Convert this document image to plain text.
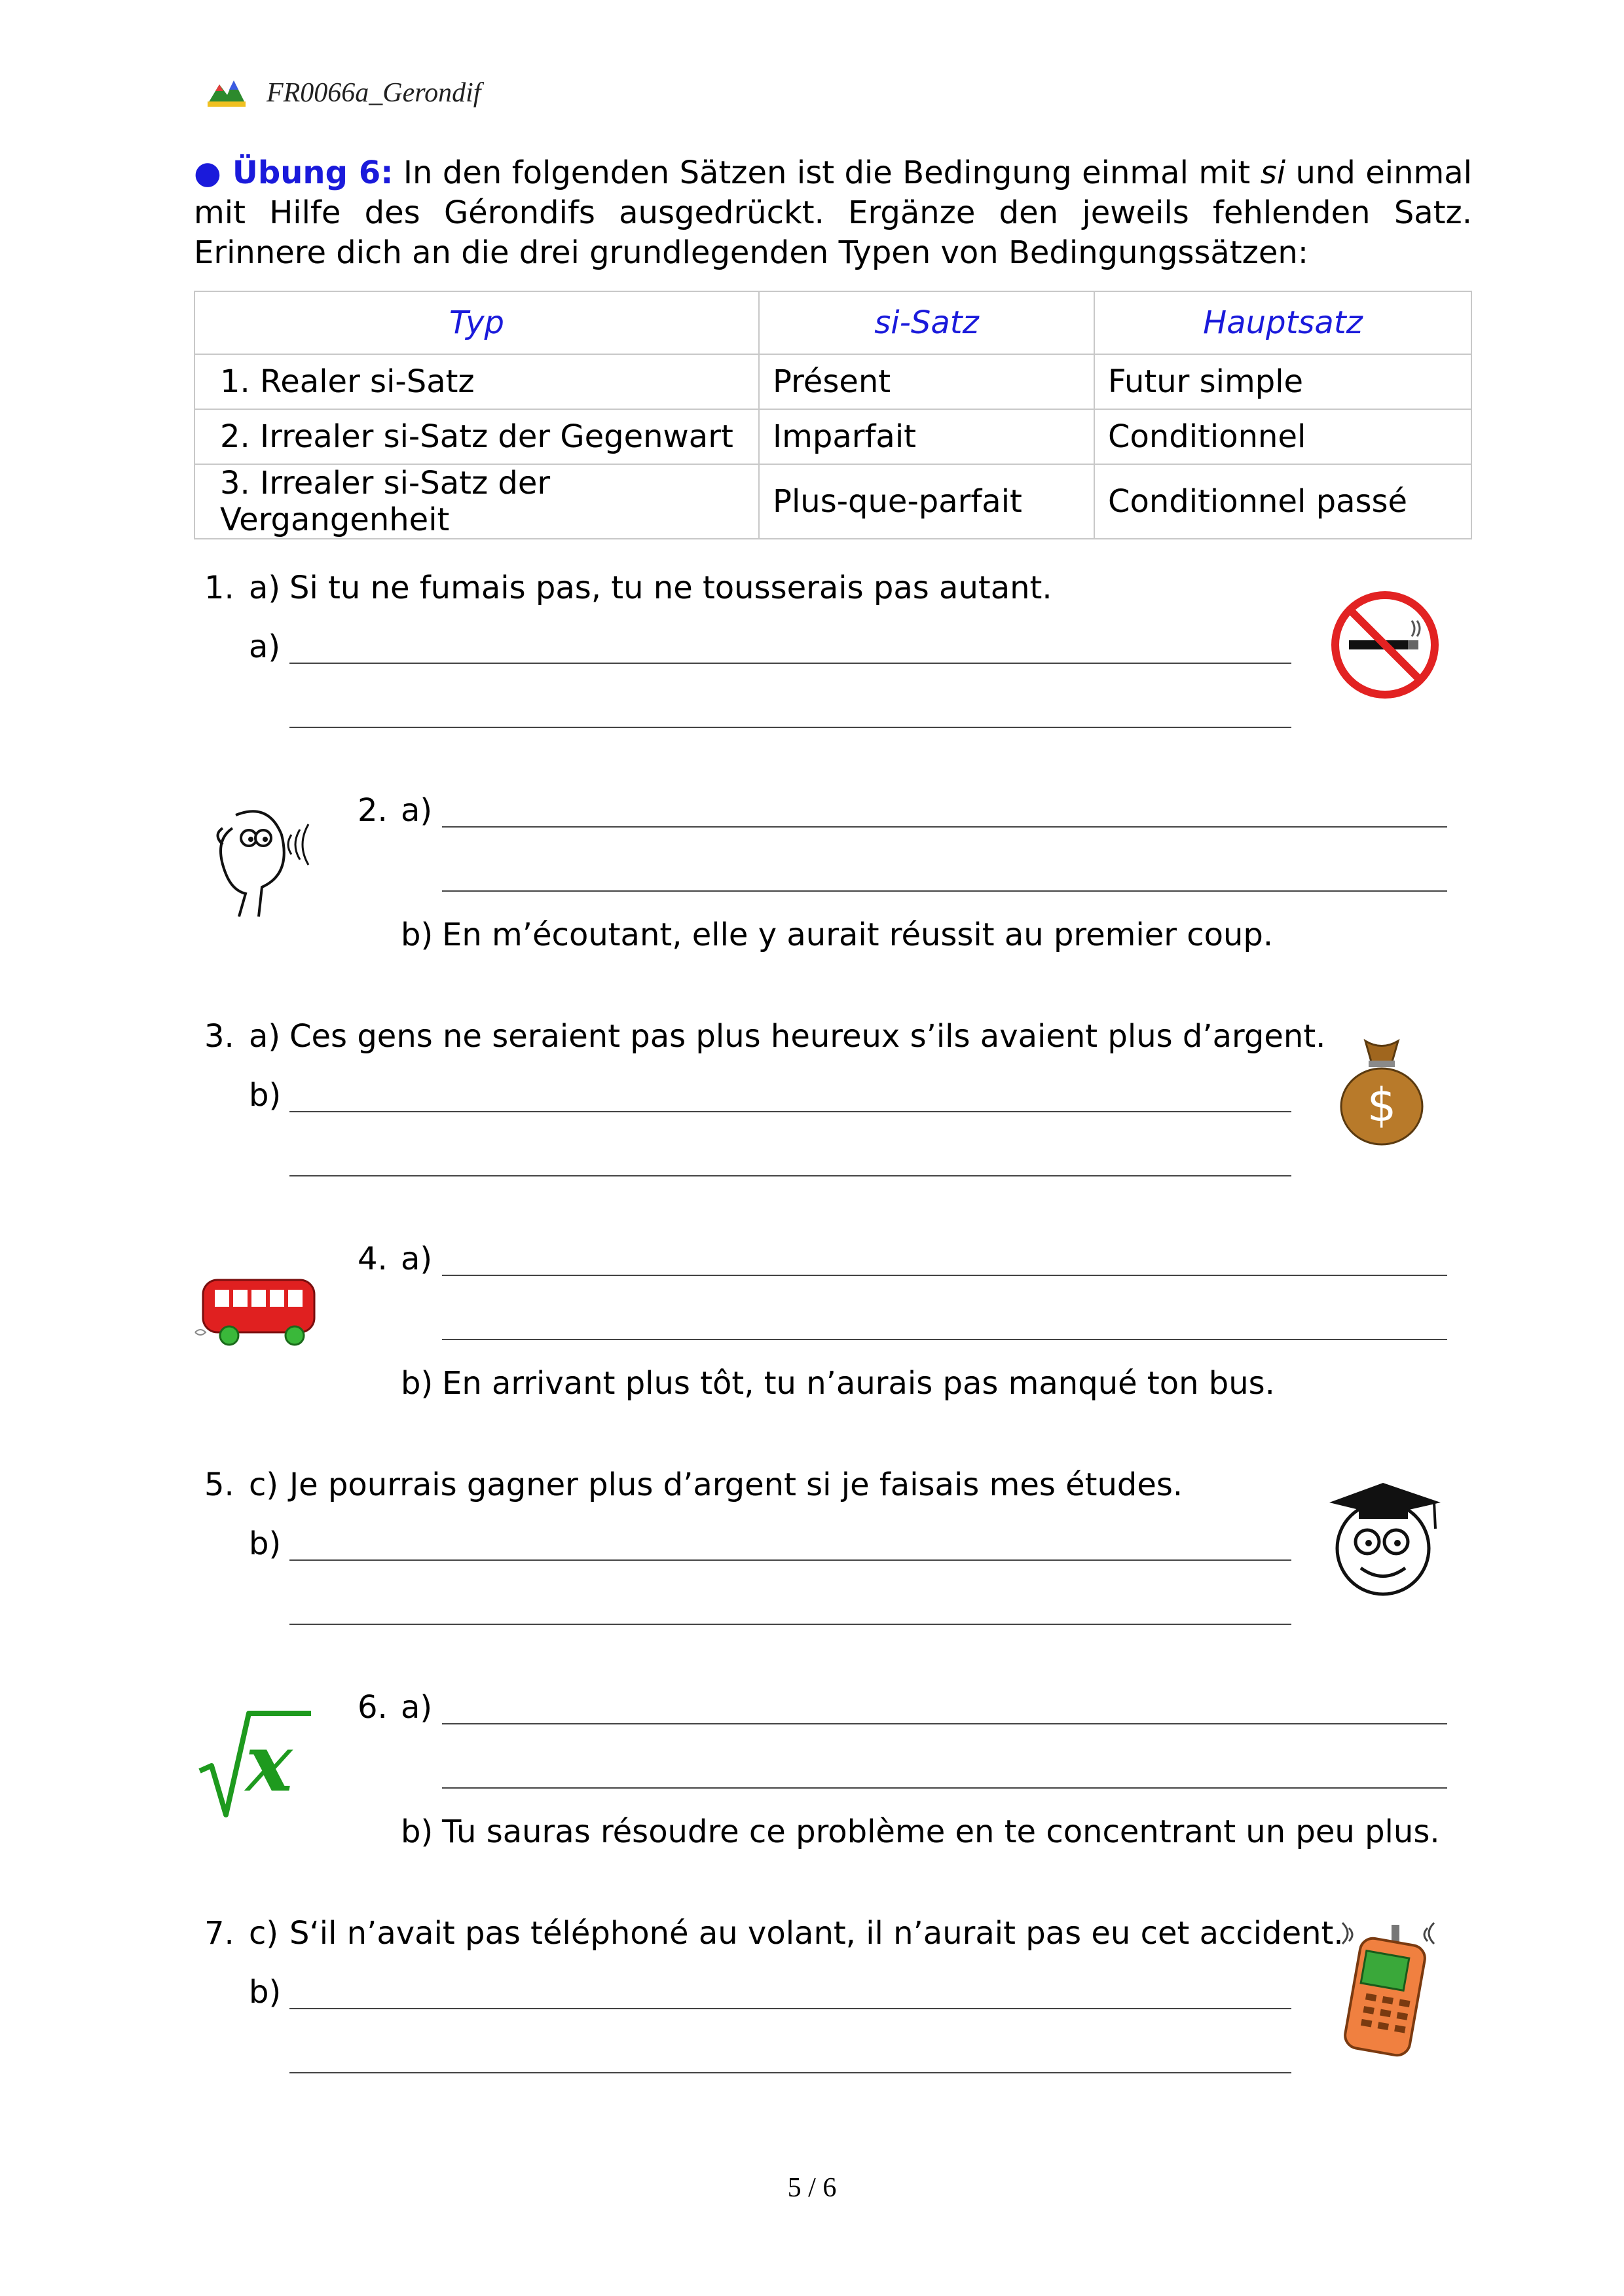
FR0066a_Gerondif
● Übung 6: In den folgenden Sätzen ist die Bedingung einmal mit si und einmal mit Hilfe des Gérondifs ausgedrückt. Ergänze den jeweils fehlenden Satz. Erinnere dich an die drei grundlegenden Typen von Bedingungssätzen:
Typ	si-Satz	Hauptsatz
1. Realer si-Satz	Présent	Futur simple
2. Irrealer si-Satz der Gegenwart	Imparfait	Conditionnel
3. Irrealer si-Satz der Vergangenheit	Plus-que-parfait	Conditionnel passé
1. a) Si tu ne fumais pas, tu ne tousserais pas autant.
a)
2. a)
b) En m’écoutant, elle y aurait réussit au premier coup.
3. a) Ces gens ne seraient pas plus heureux s’ils avaient plus d’argent.
b)	$
4. a)
b) En arrivant plus tôt, tu n’aurais pas manqué ton bus.
5. c) Je pourrais gagner plus d’argent si je faisais mes études.
b)
x
6. a)
b) Tu sauras résoudre ce problème en te concentrant un peu plus.
7. c) S‘il n’avait pas téléphoné au volant, il n’aurait pas eu cet accident.
b)
5 / 6
